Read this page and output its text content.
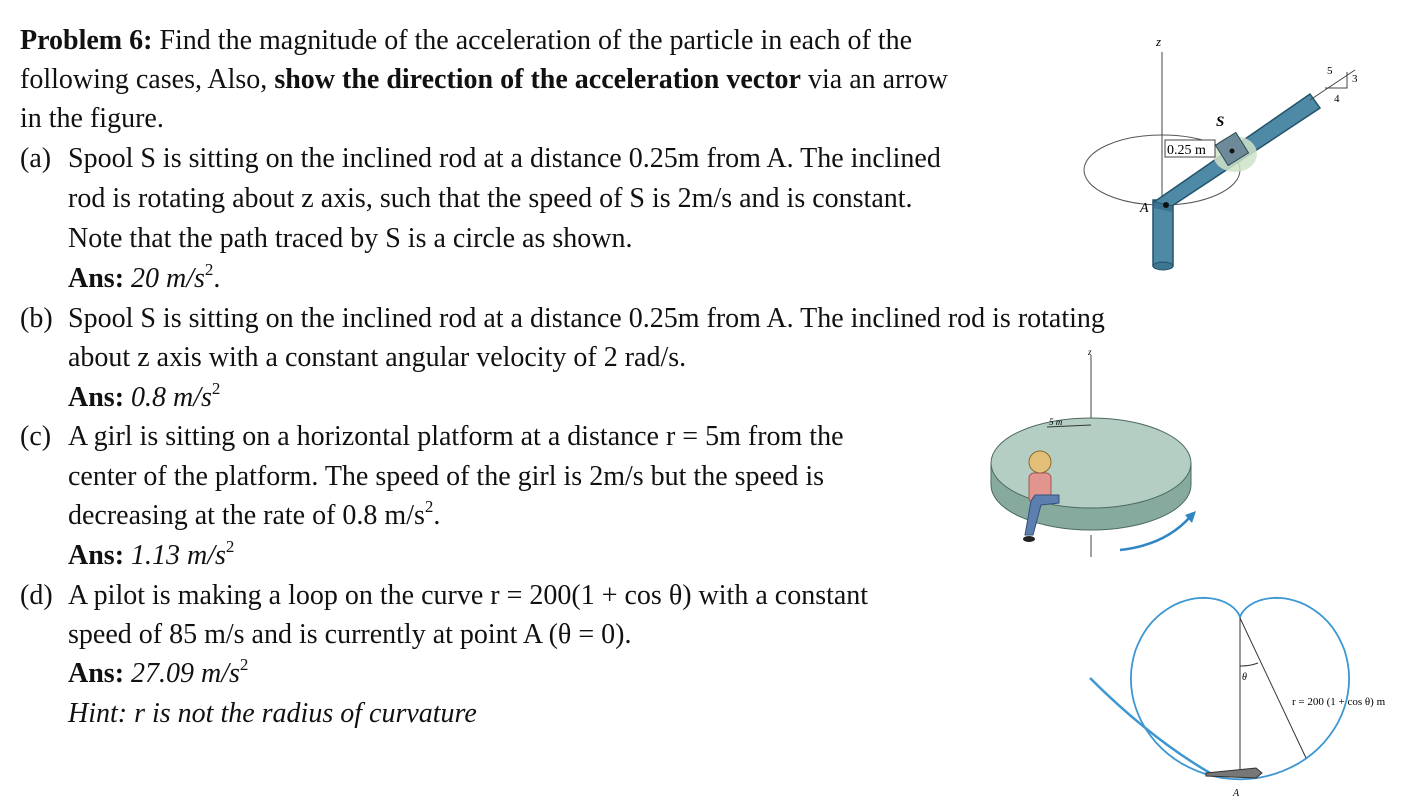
Problem 6: Find the magnitude of the acceleration of the particle in each of the
following cases, Also, show the direction of the acceleration vector via an arrow
in the figure.
(a) Spool S is sitting on the inclined rod at a distance 0.25m from A. The inclined
rod is rotating about z axis, such that the speed of S is 2m/s and is constant.
Note that the path traced by S is a circle as shown.
Ans: 20 $m/s^2$.
(b) Spool S is sitting on the inclined rod at a distance 0.25m from A. The inclined rod is rotating
about z axis with a constant angular velocity of 2 rad/s.
Ans: 0.8 $m/s^2$
(c) A girl is sitting on a horizontal platform at a distance r = 5m from the
center of the platform. The speed of the girl is 2m/s but the speed is
decreasing at the rate of 0.8 $m/s^2$.
Ans: 1.13 $m/s^2$
(d) A pilot is making a loop on the curve r = 200(1 + cos θ) with a constant
speed of 85 m/s and is currently at point A (θ = 0).
Ans: 27.09 $m/s^2$
Hint: r is not the radius of curvature
z
S
0.25 m
A
5
3
4
z
5 m
θ
r = 200 (1 + cos θ) m
A
